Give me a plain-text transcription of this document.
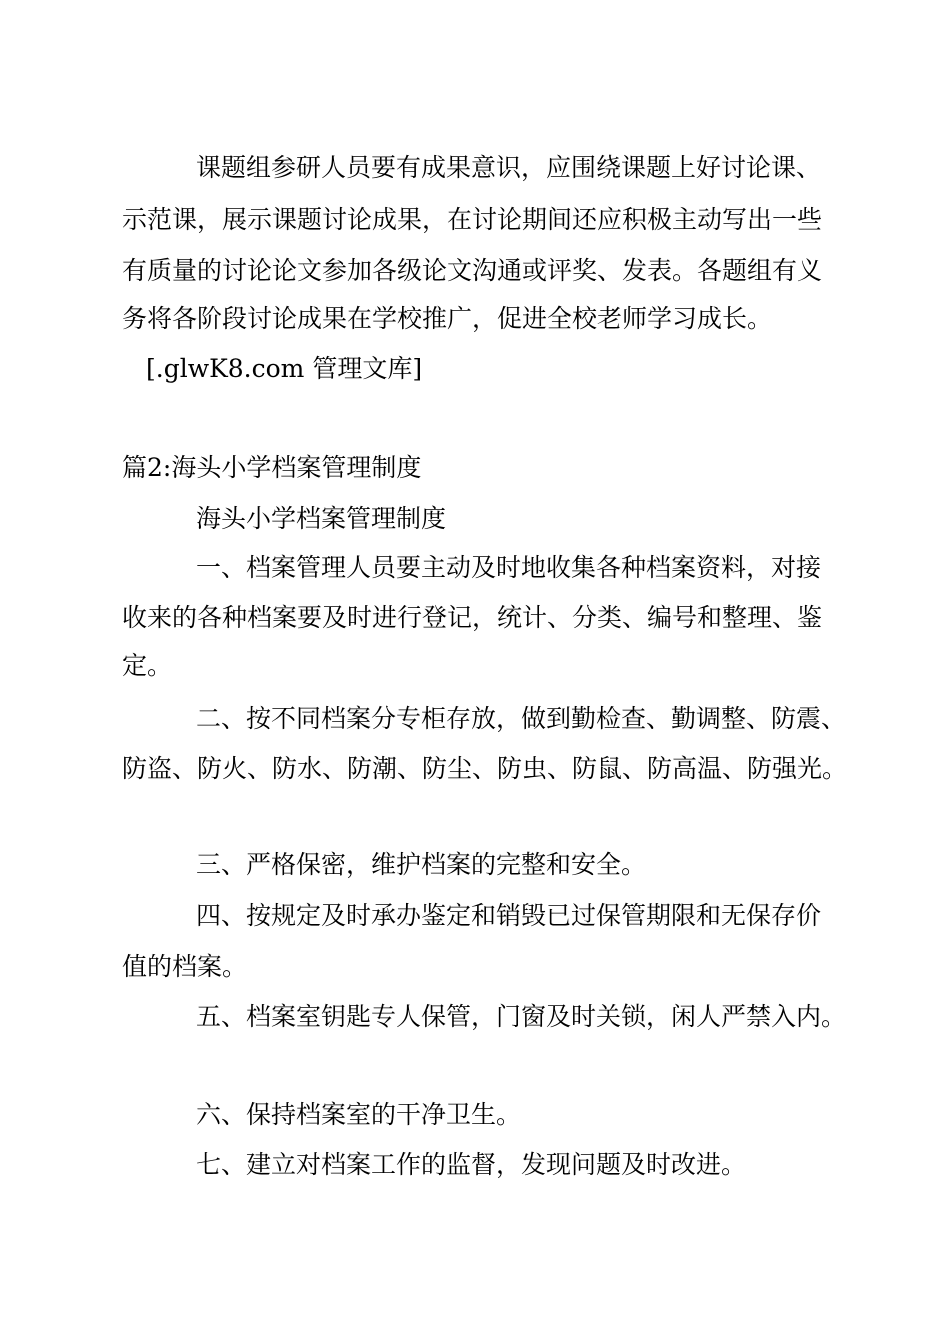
课题组参研人员要有成果意识，应围绕课题上好讨论课、
示范课，展示课题讨论成果，在讨论期间还应积极主动写出一些
有质量的讨论论文参加各级论文沟通或评奖、发表。各题组有义
务将各阶段讨论成果在学校推广，促进全校老师学习成长。
[.glwK8.com 管理文库]
篇2:海头小学档案管理制度
海头小学档案管理制度
一、档案管理人员要主动及时地收集各种档案资料，对接
收来的各种档案要及时进行登记，统计、分类、编号和整理、鉴
定。
二、按不同档案分专柜存放，做到勤检查、勤调整、防震、
防盗、防火、防水、防潮、防尘、防虫、防鼠、防高温、防强光。
三、严格保密，维护档案的完整和安全。
四、按规定及时承办鉴定和销毁已过保管期限和无保存价
值的档案。
五、档案室钥匙专人保管，门窗及时关锁，闲人严禁入内。
六、保持档案室的干净卫生。
七、建立对档案工作的监督，发现问题及时改进。
